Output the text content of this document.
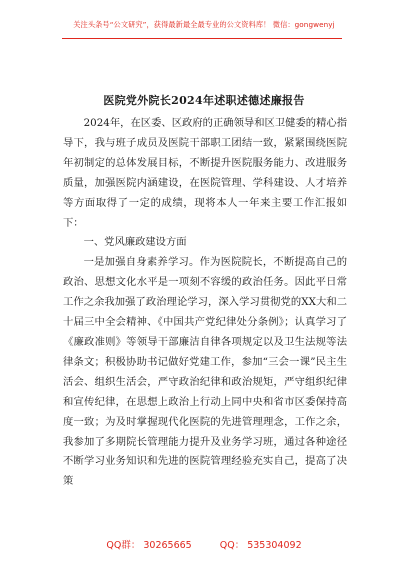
关注头条号“公文研究”，获得最新最全最专业的公文资料库！ 微信：gongwenyj
医院党外院长2024年述职述德述廉报告

2024年，在区委、区政府的正确领导和区卫健委的精心指导下，我与班子成员及医院干部职工团结一致，紧紧围绕医院年初制定的总体发展目标，不断提升医院服务能力、改进服务质量，加强医院内涵建设，在医院管理、学科建设、人才培养等方面取得了一定的成绩，现将本人一年来主要工作汇报如下：

一、党风廉政建设方面

一是加强自身素养学习。作为医院院长，不断提高自己的政治、思想文化水平是一项刻不容缓的政治任务。因此平日常工作之余我加强了政治理论学习，深入学习贯彻党的XX大和二十届三中全会精神、《中国共产党纪律处分条例》；认真学习了《廉政准则》等领导干部廉洁自律各项规定以及卫生法规等法律条文；积极协助书记做好党建工作，参加“三会一课”民主生活会、组织生活会，严守政治纪律和政治规矩，严守组织纪律和宣传纪律，在思想上政治上行动上同中央和省市区委保持高度一致；为及时掌握现代化医院的先进管理理念，工作之余，我参加了多期院长管理能力提升及业务学习班，通过各种途径不断学习业务知识和先进的医院管理经验充实自己，提高了决策

QQ群： 30265665	QQ： 535304092
